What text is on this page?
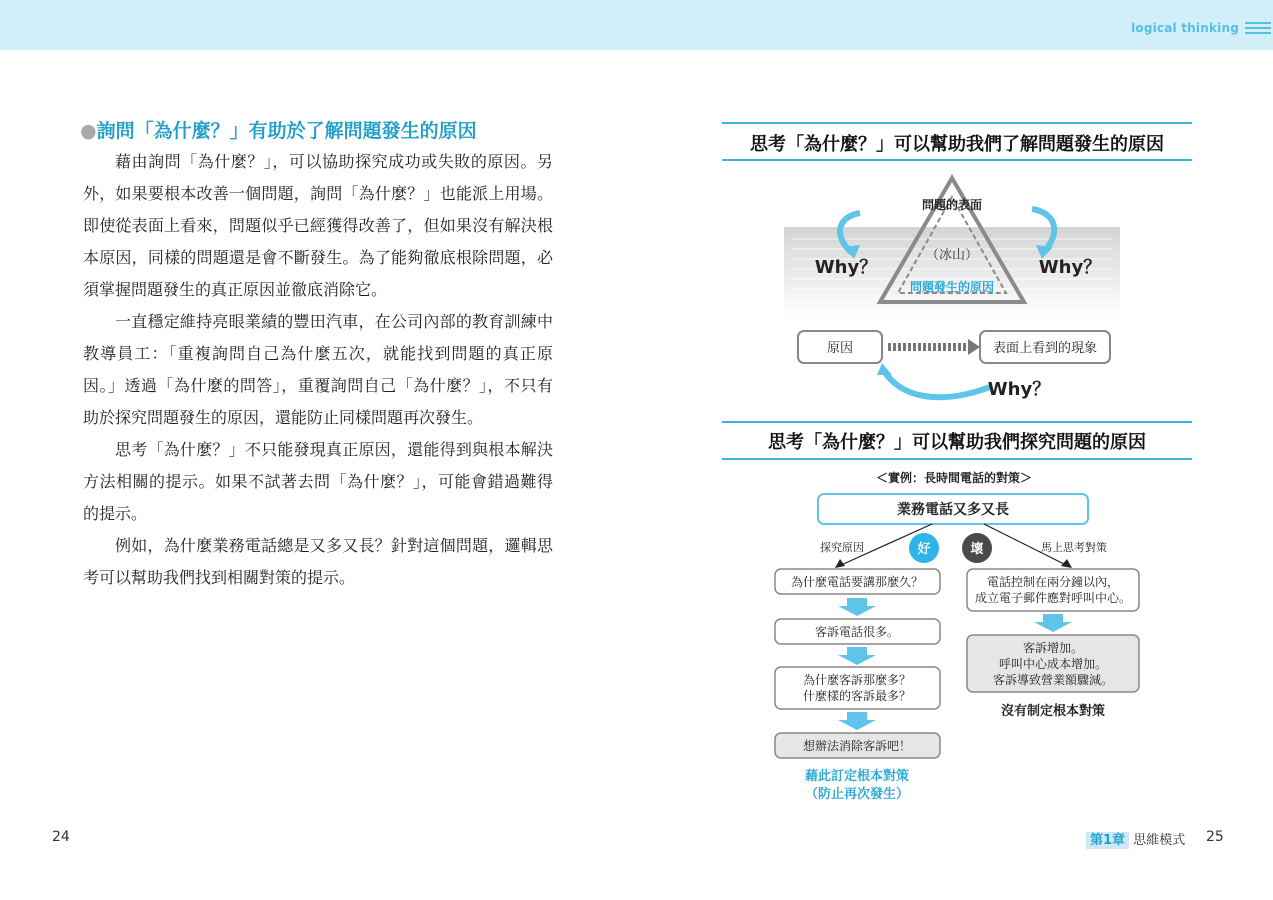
logical thinking
●詢問「為什麼？」有助於了解問題發生的原因

藉由詢問「為什麼？」，可以協助探究成功或失敗的原因。另外，如果要根本改善一個問題，詢問「為什麼？」也能派上用場。即使從表面上看來，問題似乎已經獲得改善了，但如果沒有解決根本原因，同樣的問題還是會不斷發生。為了能夠徹底根除問題，必須掌握問題發生的真正原因並徹底消除它。

一直穩定維持亮眼業績的豐田汽車，在公司內部的教育訓練中教導員工：「重複詢問自己為什麼五次，就能找到問題的真正原因。」透過「為什麼的問答」，重覆詢問自己「為什麼？」，不只有助於探究問題發生的原因，還能防止同樣問題再次發生。

思考「為什麼？」不只能發現真正原因，還能得到與根本解決方法相關的提示。如果不試著去問「為什麼？」，可能會錯過難得的提示。

例如，為什麼業務電話總是又多又長？針對這個問題，邏輯思考可以幫助我們找到相關對策的提示。

24
思考「為什麼？」可以幫助我們了解問題發生的原因
問題的表面
（冰山）
問題發生的原因
Why？	Why？
原因	表面上看到的現象
Why？
思考「為什麼？」可以幫助我們探究問題的原因
＜實例：長時間電話的對策＞
業務電話又多又長
探究原因	好	壞	馬上思考對策
為什麼電話要講那麼久？
客訴電話很多。
為什麼客訴那麼多？
什麼樣的客訴最多？
想辦法消除客訴吧！
藉此訂定根本對策
（防止再次發生）
電話控制在兩分鐘以內，
成立電子郵件應對呼叫中心。
客訴增加。
呼叫中心成本增加。
客訴導致營業額驟減。
沒有制定根本對策
第1章 思維模式 25
